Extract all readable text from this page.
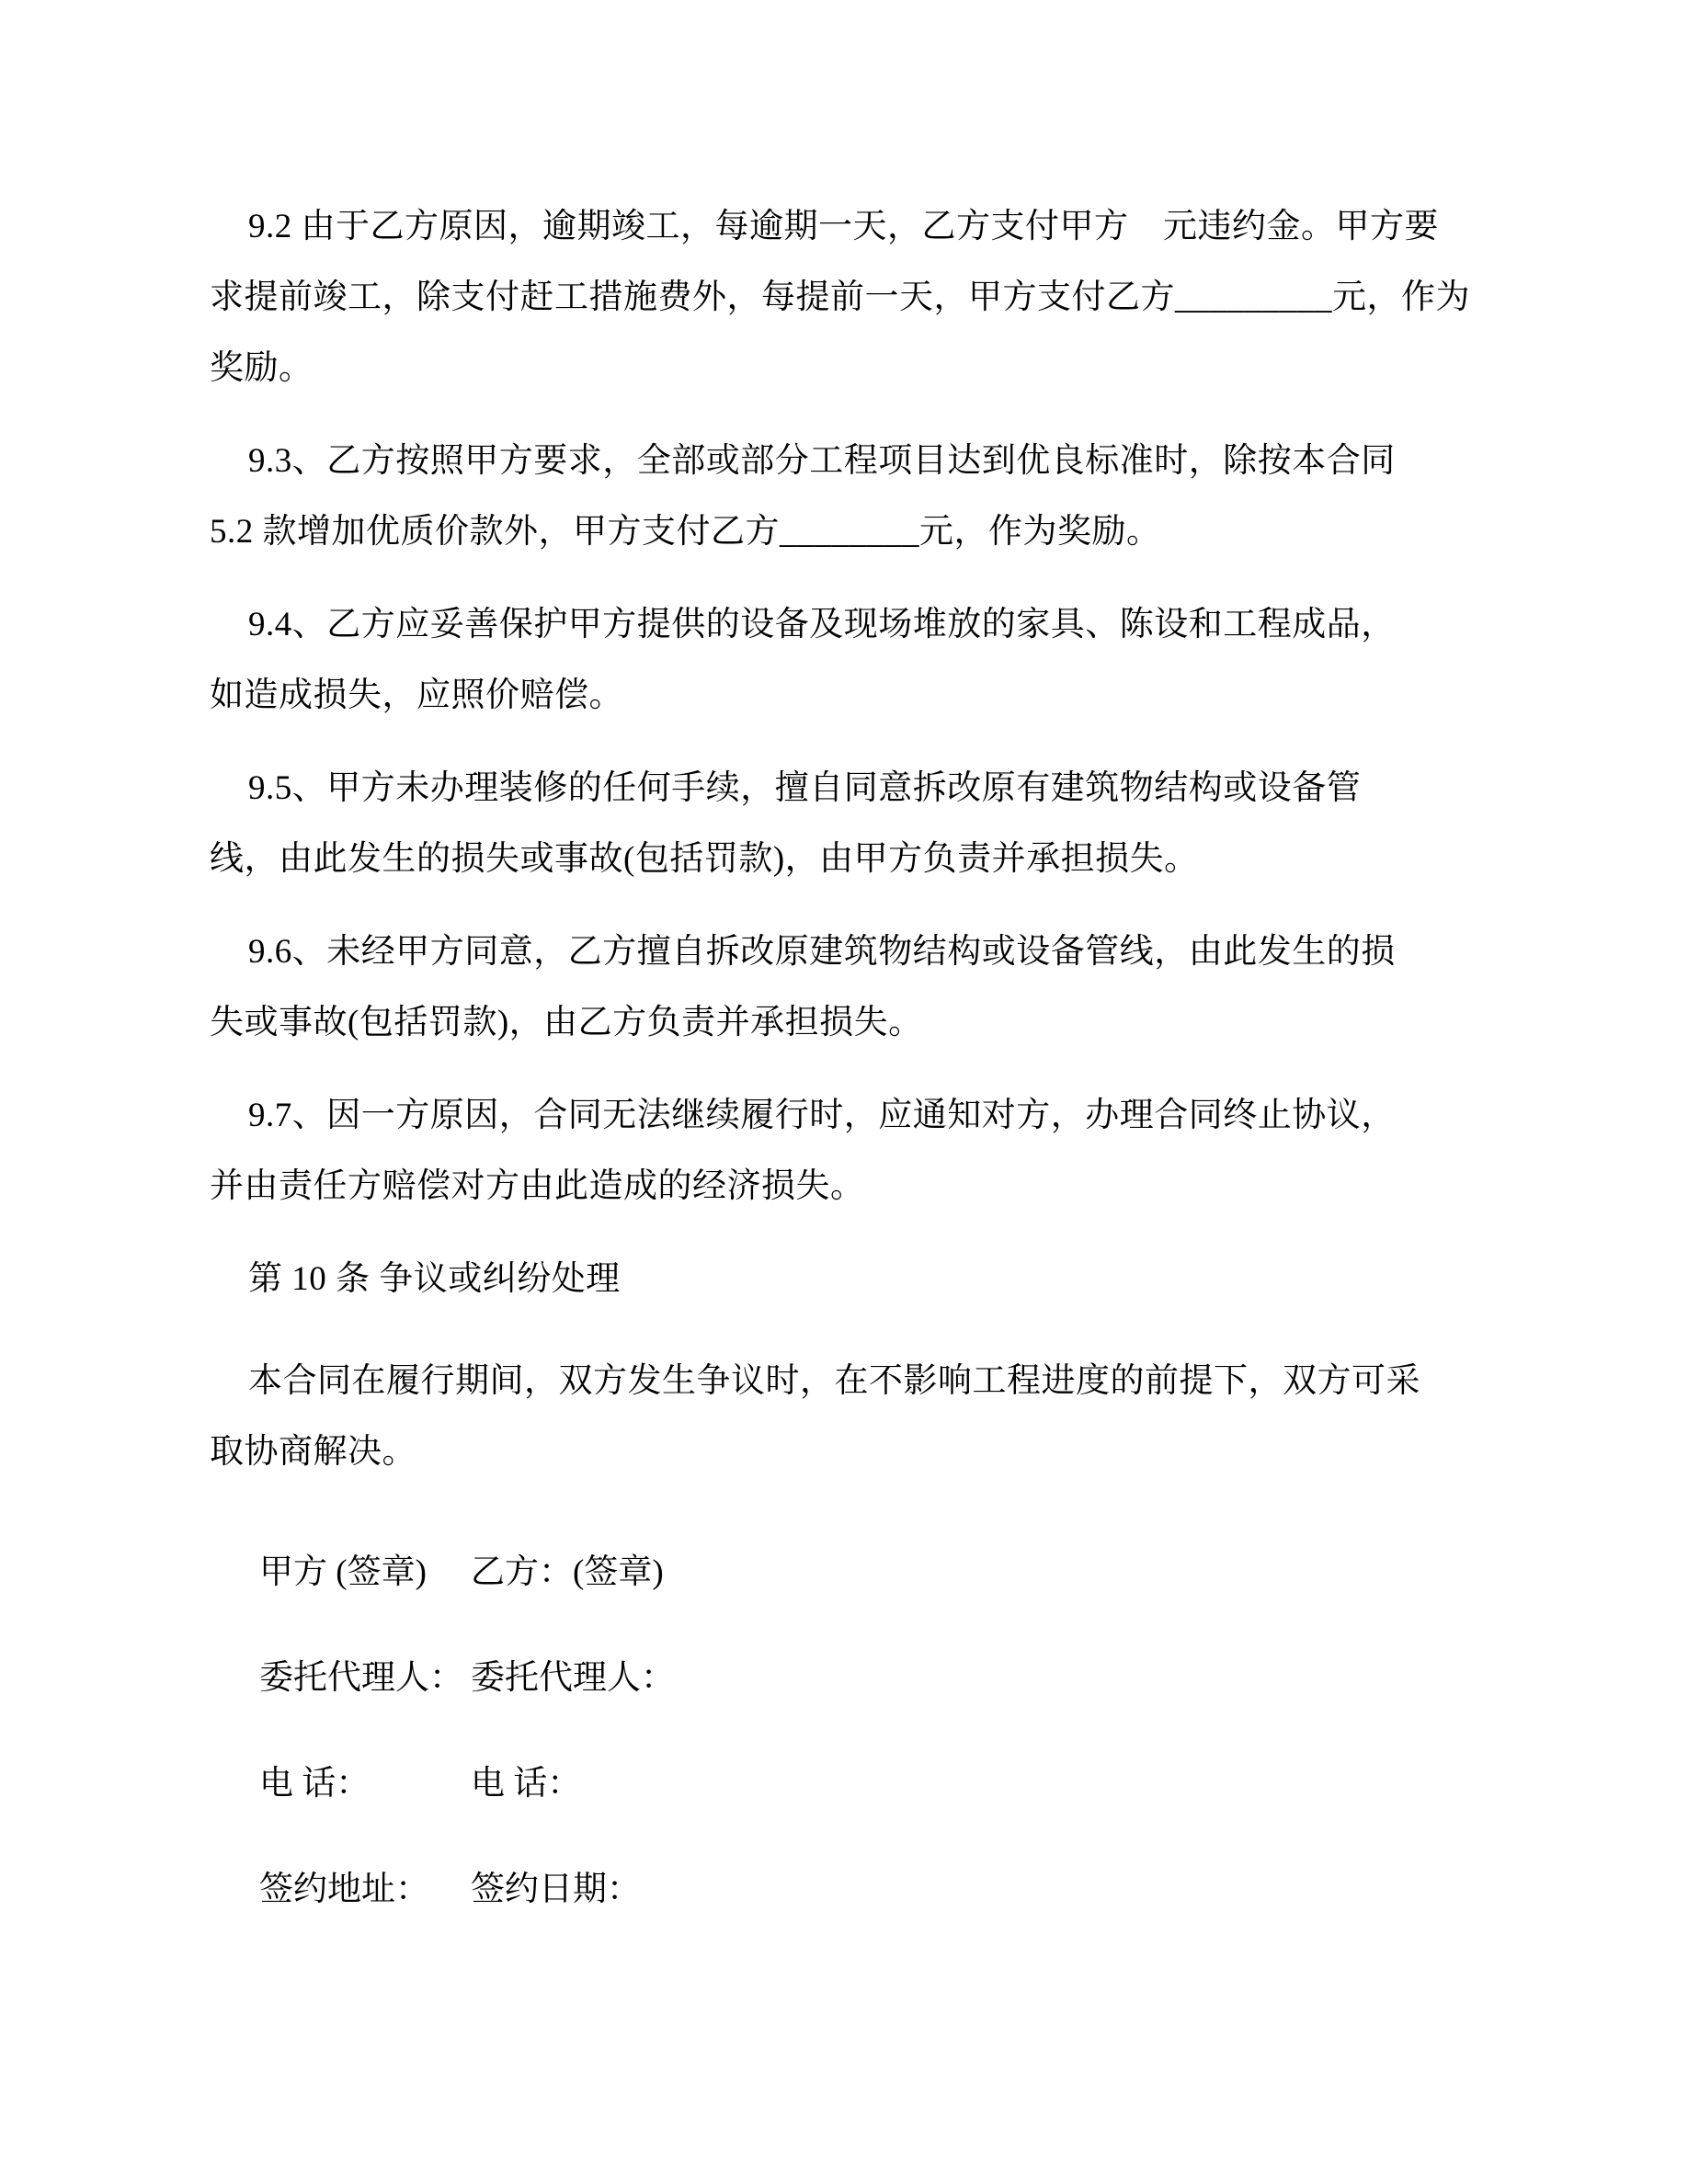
9.2 由于乙方原因，逾期竣工，每逾期一天，乙方支付甲方　元违约金。甲方要
求提前竣工，除支付赶工措施费外，每提前一天，甲方支付乙方_________元，作为
奖励。
9.3、乙方按照甲方要求，全部或部分工程项目达到优良标准时，除按本合同
5.2 款增加优质价款外，甲方支付乙方________元，作为奖励。
9.4、乙方应妥善保护甲方提供的设备及现场堆放的家具、陈设和工程成品，
如造成损失，应照价赔偿。
9.5、甲方未办理装修的任何手续，擅自同意拆改原有建筑物结构或设备管
线，由此发生的损失或事故(包括罚款)，由甲方负责并承担损失。
9.6、未经甲方同意，乙方擅自拆改原建筑物结构或设备管线，由此发生的损
失或事故(包括罚款)，由乙方负责并承担损失。
9.7、因一方原因，合同无法继续履行时，应通知对方，办理合同终止协议，
并由责任方赔偿对方由此造成的经济损失。
第 10 条 争议或纠纷处理
本合同在履行期间，双方发生争议时，在不影响工程进度的前提下，双方可采
取协商解决。
甲方 (签章)	乙方：(签章)
委托代理人： 委托代理人：
电 话：	电 话：
签约地址：	签约日期：
